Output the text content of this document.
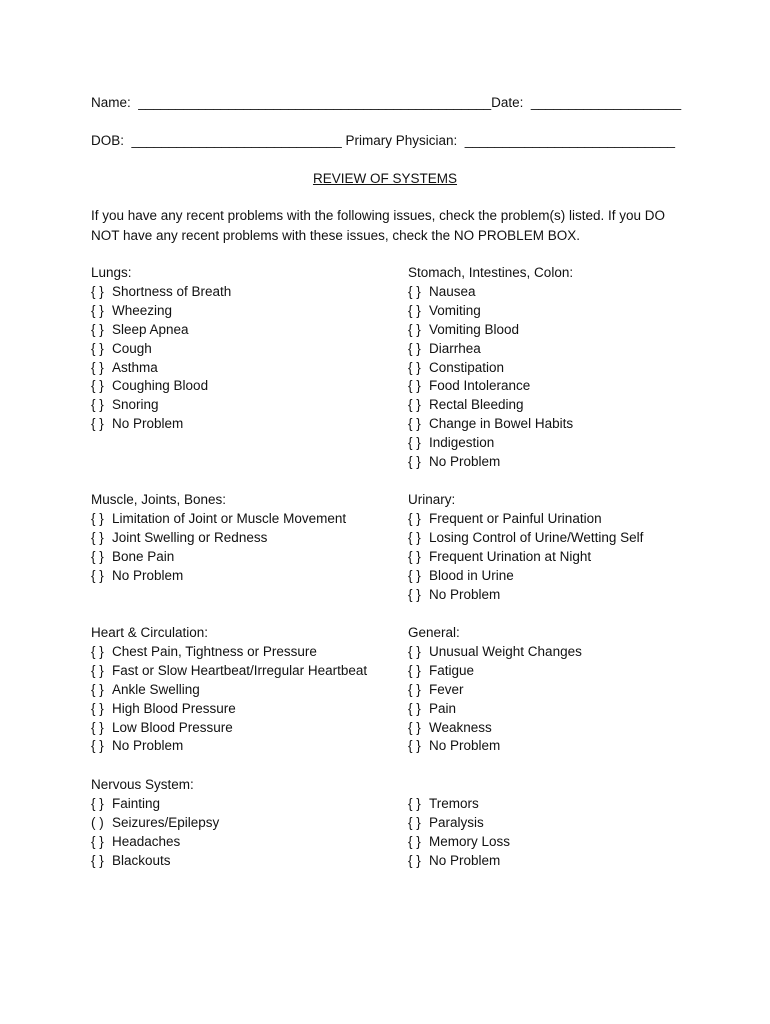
Name:  _______________________________________________Date:  ____________________
DOB:  ____________________________ Primary Physician:  ____________________________
REVIEW OF SYSTEMS
If you have any recent problems with the following issues, check the problem(s) listed. If you DO NOT have any recent problems with these issues, check the NO PROBLEM BOX.
Lungs:
{ } Shortness of Breath
{ } Wheezing
{ } Sleep Apnea
{ } Cough
{ } Asthma
{ } Coughing Blood
{ } Snoring
{ } No Problem
Stomach, Intestines, Colon:
{ } Nausea
{ } Vomiting
{ } Vomiting Blood
{ } Diarrhea
{ } Constipation
{ } Food Intolerance
{ } Rectal Bleeding
{ } Change in Bowel Habits
{ } Indigestion
{ } No Problem
Muscle, Joints, Bones:
{ } Limitation of Joint or Muscle Movement
{ } Joint Swelling or Redness
{ } Bone Pain
{ } No Problem
Urinary:
{ } Frequent or Painful Urination
{ } Losing Control of Urine/Wetting Self
{ } Frequent Urination at Night
{ } Blood in Urine
{ } No Problem
Heart & Circulation:
{ } Chest Pain, Tightness or Pressure
{ } Fast or Slow Heartbeat/Irregular Heartbeat
{ } Ankle Swelling
{ } High Blood Pressure
{ } Low Blood Pressure
{ } No Problem
General:
{ } Unusual Weight Changes
{ } Fatigue
{ } Fever
{ } Pain
{ } Weakness
{ } No Problem
Nervous System:
{ } Fainting
( ) Seizures/Epilepsy
{ } Headaches
{ } Blackouts

{ } Tremors
{ } Paralysis
{ } Memory Loss
{ } No Problem
